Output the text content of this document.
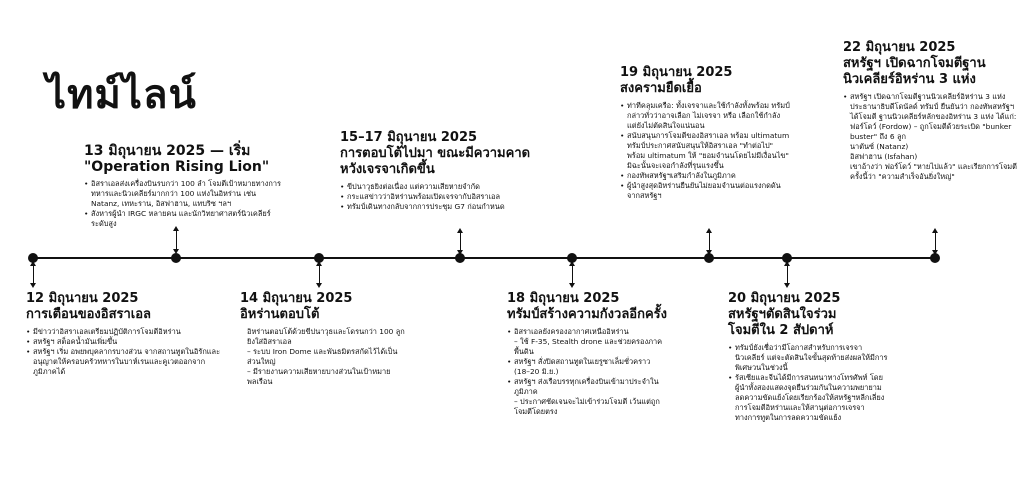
ไทม์ไลน์
12 มิถุนายน 2025
การเตือนของอิสราเอล
• มีข่าวว่าอิสราเอลเตรียมปฏิบัติการโจมตีอิหร่าน
• สหรัฐฯ สต็อคน้ำมันเพิ่มขึ้น
• สหรัฐฯ เริ่ม อพยพบุคลากรบางส่วน จากสถานทูตในอิรักและอนุญาตให้ครอบครัวทหารในบาห์เรนและคูเวตออกจากภูมิภาคได้
13 มิถุนายน 2025 — เริ่ม
"Operation Rising Lion"
• อิสราเอลส่งเครื่องบินรบกว่า 100 ลำ โจมตีเป้าหมายทางการทหารและนิวเคลียร์มากกว่า 100 แห่งในอิหร่าน เช่น Natanz, เทหะราน, อิสฟาฮาน, แทบริซ ฯลฯ
• สังหารผู้นำ IRGC หลายคน และนักวิทยาศาสตร์นิวเคลียร์ระดับสูง
14 มิถุนายน 2025
อิหร่านตอบโต้
อิหร่านตอบโต้ด้วยขีปนาวุธและโดรนกว่า 100 ลูกยิงใส่อิสราเอล
– ระบบ Iron Dome และพันธมิตรสกัดไว้ได้เป็นส่วนใหญ่
– มีรายงานความเสียหายบางส่วนในเป้าหมายพลเรือน
15–17 มิถุนายน 2025
การตอบโต้ไปมา ขณะมีความคาด
หวังเจรจาเกิดขึ้น
• ขีปนาวุธยิงต่อเนื่อง แต่ความเสียหายจำกัด
• กระแสข่าวว่าอิหร่านพร้อมเปิดเจรจากับอิสราเอล
• ทรัมป์เดินทางกลับจากการประชุม G7 ก่อนกำหนด
18 มิถุนายน 2025
ทรัมป์สร้างความกังวลอีกครั้ง
• อิสราเอลยังครองอากาศเหนืออิหร่าน
– ใช้ F-35, Stealth drone และช่วยครองภาคพื้นดิน
• สหรัฐฯ สั่งปิดสถานทูตในเยรูซาเล็มชั่วคราว (18–20 มิ.ย.)
• สหรัฐฯ ส่งเรือบรรทุกเครื่องบินเข้ามาประจำในภูมิภาค
– ประกาศชัดเจนจะไม่เข้าร่วมโจมตี เว้นแต่ถูกโจมตีโดยตรง
19 มิถุนายน 2025
สงครามยืดเยื้อ
• ท่าทีคลุมเครือ: ทั้งเจรจาและใช้กำลังทั้งพร้อม ทรัมป์กล่าวทั่วว่าอาจเลือก ไม่เจรจา หรือ เลือกใช้กำลัง แต่ยังไม่ตัดสินใจแน่นอน
• สนับสนุนการโจมตีของอิสราเอล พร้อม ultimatum
ทรัมป์ประกาศสนับสนุนให้อิสราเอล "ทำต่อไป" พร้อม ultimatum ให้ "ยอมจำนนโดยไม่มีเงื่อนไข" มิฉะนั้นจะเจอกำลังที่รุนแรงขึ้น
• กองทัพสหรัฐฯเสริมกำลังในภูมิภาค
• ผู้นำสูงสุดอิหร่านยืนยันไม่ยอมจำนนต่อแรงกดดันจากสหรัฐฯ
20 มิถุนายน 2025
สหรัฐฯตัดสินใจร่วม
โจมตีใน 2 สัปดาห์
• ทรัมป์ยังเชื่อว่ามีโอกาสสำหรับการเจรจานิวเคลียร์ แต่จะตัดสินใจขั้นสุดท้ายส่งผลให้มีการพิเศษวนในช่วงนี้
• รัสเซียและจีนได้มีการสนทนาทางโทรศัพท์ โดยผู้นำทั้งสองแสดงจุดยืนร่วมกันในความพยายามลดความขัดแย้งโดยเรียกร้องให้สหรัฐฯหลีกเลี่ยงการโจมตีอิหร่านและให้สานุต่อการเจรจาทางการทูตในการลดความขัดแย้ง
22 มิถุนายน 2025
สหรัฐฯ เปิดฉากโจมตีฐาน
นิวเคลียร์อิหร่าน 3 แห่ง
• สหรัฐฯ เปิดฉากโจมตีฐานนิวเคลียร์อิหร่าน 3 แห่ง
ประธานาธิบดีโดนัลด์ ทรัมป์ ยืนยันว่า กองทัพสหรัฐฯ ได้โจมตี ฐานนิวเคลียร์หลักของอิหร่าน 3 แห่ง ได้แก่:
ฟอร์โดว์ (Fordow) – ถูกโจมตีด้วยระเบิด "bunker buster" ถึง 6 ลูก
นาตันซ์ (Natanz)
อิสฟาฮาน (Isfahan)
เขาอ้างว่า ฟอร์โดว์ "หายไปแล้ว" และเรียกการโจมตีครั้งนี้ว่า "ความสำเร็จอันยิ่งใหญ่"
